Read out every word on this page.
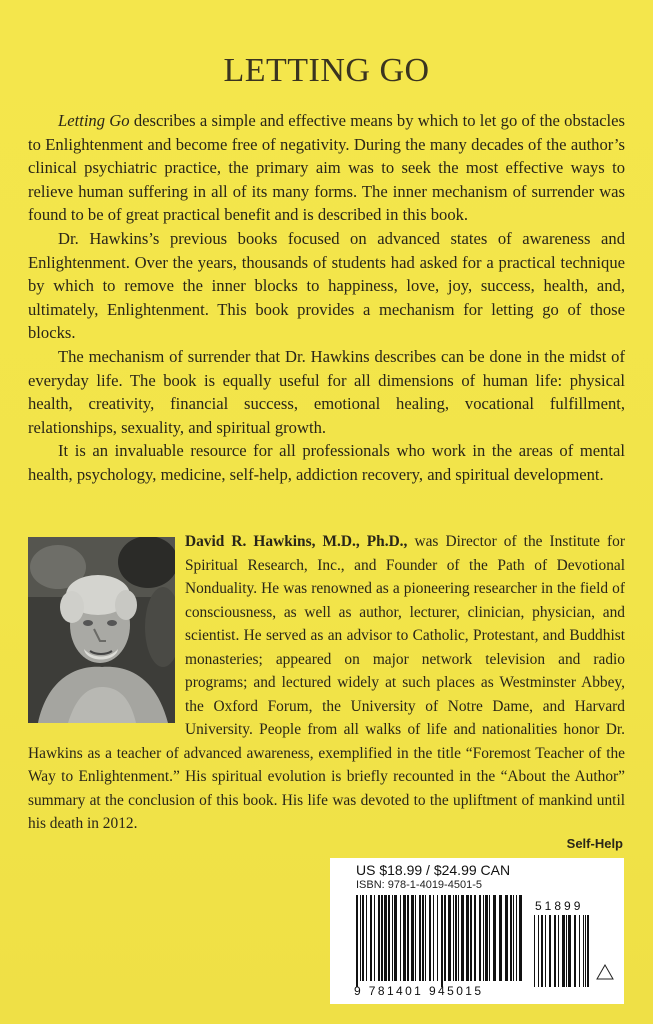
LETTING GO

Letting Go describes a simple and effective means by which to let go of the obstacles to Enlightenment and become free of negativity. During the many decades of the author’s clinical psychiatric practice, the primary aim was to seek the most effective ways to relieve human suffering in all of its many forms. The inner mechanism of surrender was found to be of great practical benefit and is described in this book.

Dr. Hawkins’s previous books focused on advanced states of awareness and Enlightenment. Over the years, thousands of students had asked for a practical technique by which to remove the inner blocks to happiness, love, joy, success, health, and, ultimately, Enlightenment. This book provides a mechanism for letting go of those blocks.

The mechanism of surrender that Dr. Hawkins describes can be done in the midst of everyday life. The book is equally useful for all dimensions of human life: physical health, creativity, financial success, emotional healing, vocational fulfillment, relationships, sexuality, and spiritual growth.

It is an invaluable resource for all professionals who work in the areas of mental health, psychology, medicine, self-help, addiction recovery, and spiritual development.

David R. Hawkins, M.D., Ph.D., was Director of the Institute for Spiritual Research, Inc., and Founder of the Path of Devotional Nonduality. He was renowned as a pioneering researcher in the field of consciousness, as well as author, lecturer, clinician, physician, and scientist. He served as an advisor to Catholic, Protestant, and Buddhist monasteries; appeared on major network television and radio programs; and lectured widely at such places as Westminster Abbey, the Oxford Forum, the University of Notre Dame, and Harvard University. People from all walks of life and nationalities honor Dr. Hawkins as a teacher of advanced awareness, exemplified in the title “Foremost Teacher of the Way to Enlightenment.” His spiritual evolution is briefly recounted in the “About the Author” summary at the conclusion of this book. His life was devoted to the upliftment of mankind until his death in 2012.
Self-Help
US $18.99 / $24.99 CAN
ISBN: 978-1-4019-4501-5
51899
9 781401 945015
